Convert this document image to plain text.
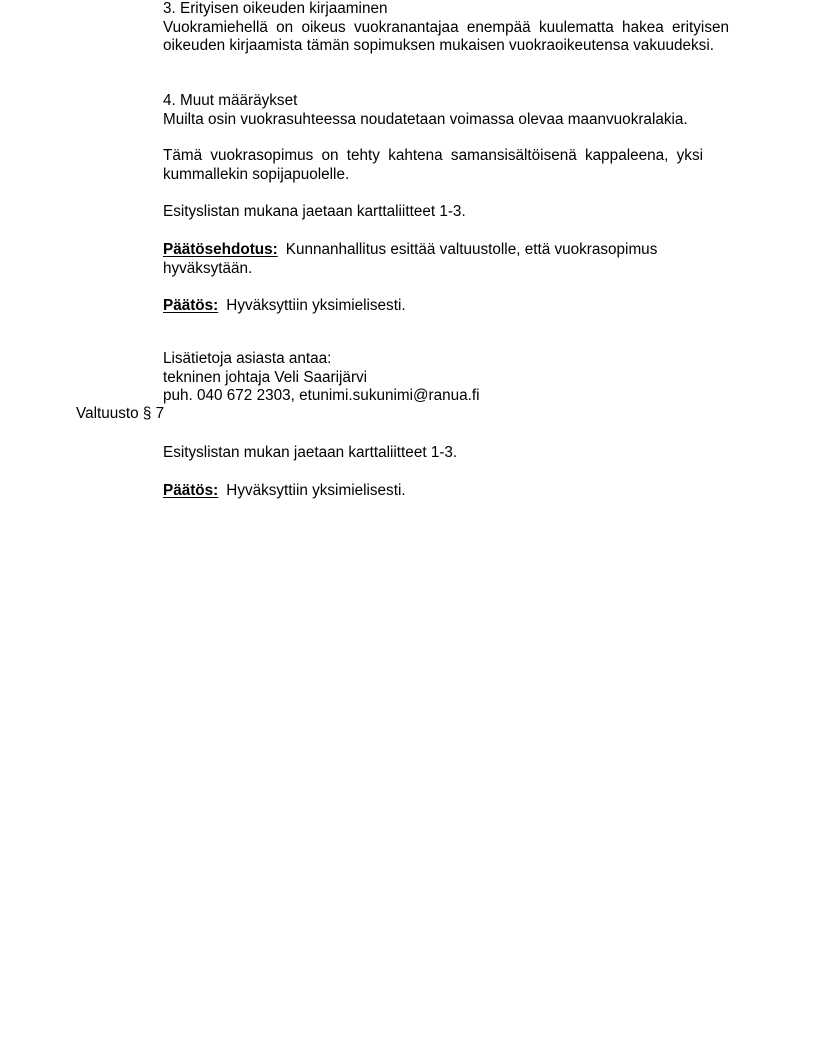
3. Erityisen oikeuden kirjaaminen
Vuokramiehellä on oikeus vuokranantajaa enempää kuulematta hakea erityisen oikeuden kirjaamista tämän sopimuksen mukaisen vuokraoikeutensa vakuudeksi.
4. Muut määräykset
Muilta osin vuokrasuhteessa noudatetaan voimassa olevaa maanvuokralakia.
Tämä vuokrasopimus on tehty kahtena samansisältöisenä kappaleena, yksi kummallekin sopijapuolelle.
Esityslistan mukana jaetaan karttaliitteet 1-3.
Päätösehdotus: Kunnanhallitus esittää valtuustolle, että vuokrasopimus hyväksytään.
Päätös: Hyväksyttiin yksimielisesti.
Lisätietoja asiasta antaa:
tekninen johtaja Veli Saarijärvi
puh. 040 672 2303, etunimi.sukunimi@ranua.fi
Valtuusto § 7
Esityslistan mukan jaetaan karttaliitteet 1-3.
Päätös: Hyväksyttiin yksimielisesti.
